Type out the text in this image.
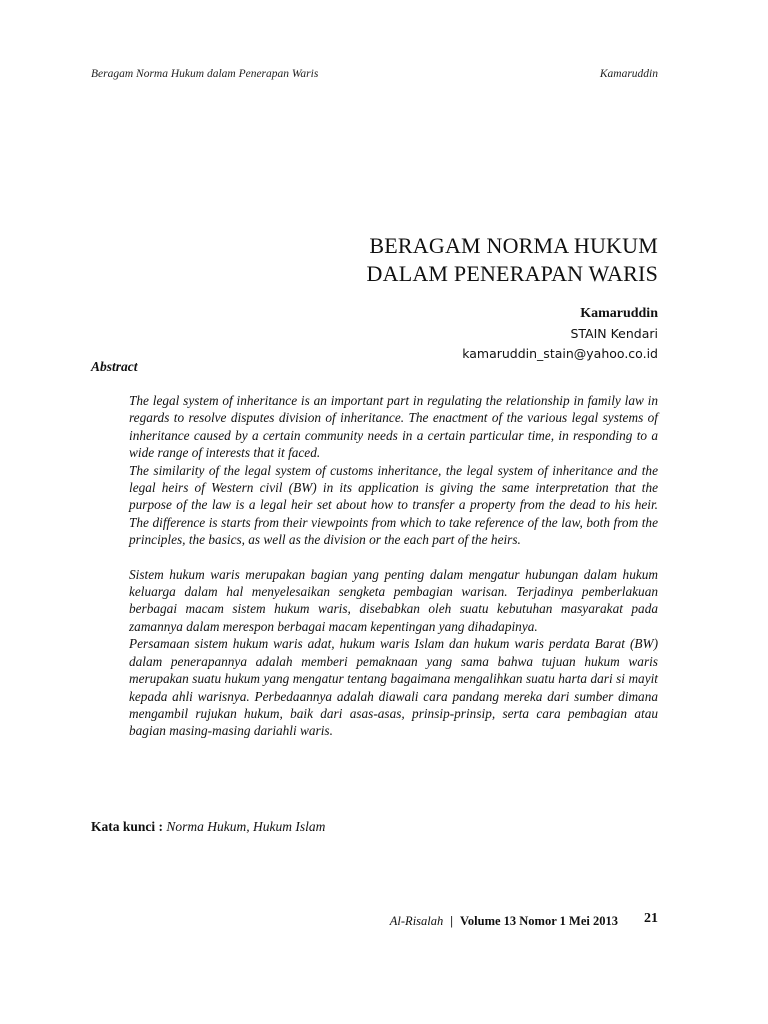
Beragam Norma Hukum dalam Penerapan Waris	Kamaruddin
BERAGAM NORMA HUKUM
DALAM PENERAPAN WARIS
Kamaruddin
STAIN Kendari
kamaruddin_stain@yahoo.co.id
Abstract

The legal system of inheritance is an important part in regulating the relationship in family law in regards to resolve disputes division of inheritance. The enactment of the various legal systems of inheritance caused by a certain community needs in a certain particular time, in responding to a wide range of interests that it faced.

The similarity of the legal system of customs inheritance, the legal system of inheritance and the legal heirs of Western civil (BW) in its application is giving the same interpretation that the purpose of the law is a legal heir set about how to transfer a property from the dead to his heir. The difference is starts from their viewpoints from which to take reference of the law, both from the principles, the basics, as well as the division or the each part of the heirs.

Sistem hukum waris merupakan bagian yang penting dalam mengatur hubungan dalam hukum keluarga dalam hal menyelesaikan sengketa pembagian warisan. Terjadinya pemberlakuan berbagai macam sistem hukum waris, disebabkan oleh suatu kebutuhan masyarakat pada zamannya dalam merespon berbagai macam kepentingan yang dihadapinya.

Persamaan sistem hukum waris adat, hukum waris Islam dan hukum waris perdata Barat (BW) dalam penerapannya adalah memberi pemaknaan yang sama bahwa tujuan hukum waris merupakan suatu hukum yang mengatur tentang bagaimana mengalihkan suatu harta dari si mayit kepada ahli warisnya. Perbedaannya adalah diawali cara pandang mereka dari sumber dimana mengambil rujukan hukum, baik dari asas-asas, prinsip-prinsip, serta cara pembagian atau bagian masing-masing dariahli waris.

Kata kunci : Norma Hukum, Hukum Islam
Al-Risalah | Volume 13 Nomor 1 Mei 2013 21
